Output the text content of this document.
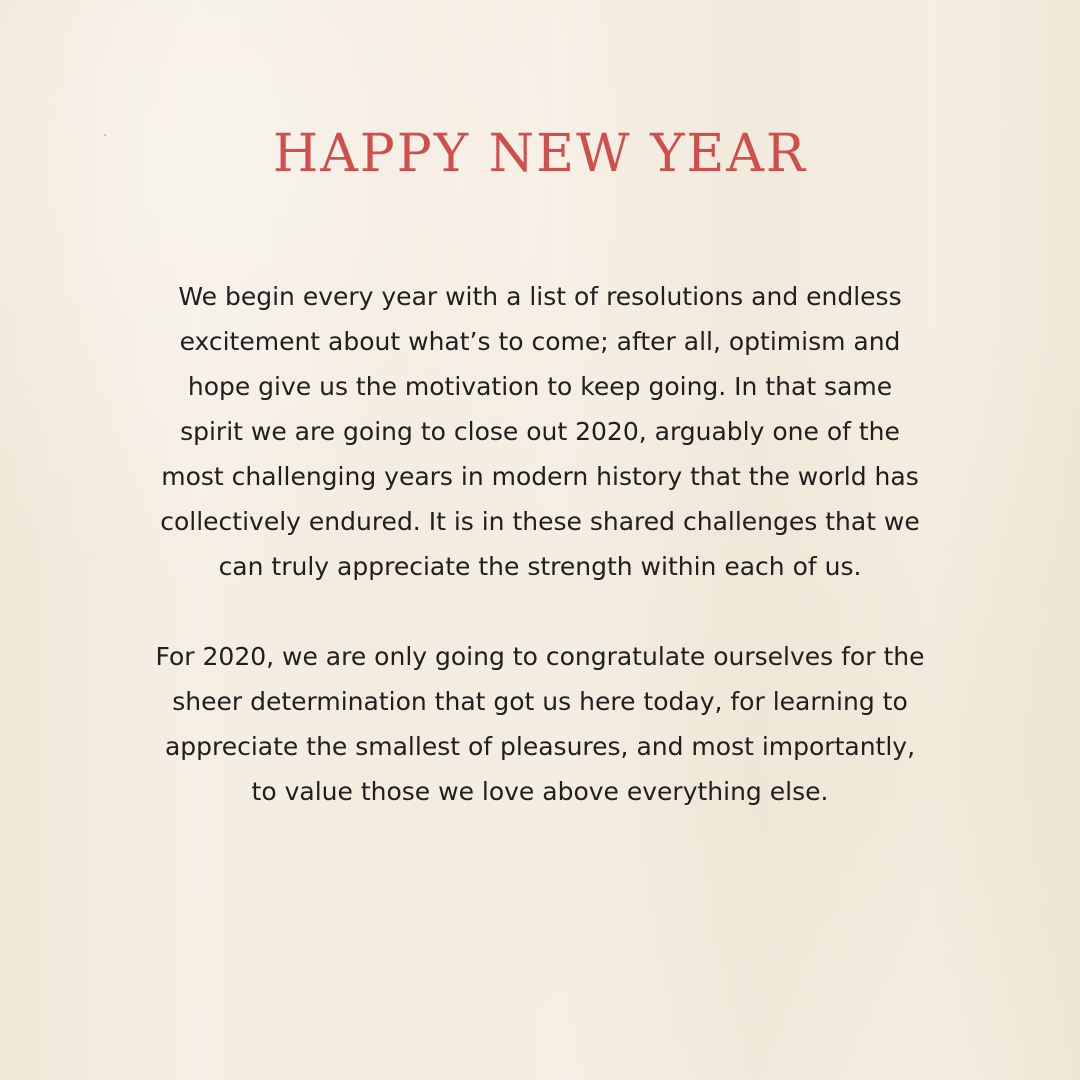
HAPPY NEW YEAR

We begin every year with a list of resolutions and endless
excitement about what’s to come; after all, optimism and
hope give us the motivation to keep going. In that same
spirit we are going to close out 2020, arguably one of the
most challenging years in modern history that the world has
collectively endured. It is in these shared challenges that we
can truly appreciate the strength within each of us.

For 2020, we are only going to congratulate ourselves for the
sheer determination that got us here today, for learning to
appreciate the smallest of pleasures, and most importantly,
to value those we love above everything else.
